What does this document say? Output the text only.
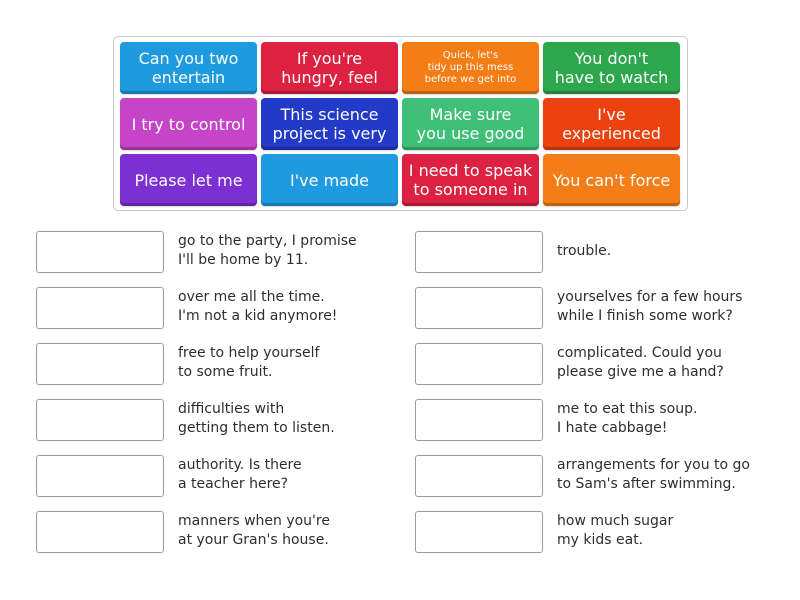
Can you two
entertain
If you're
hungry, feel
Quick, let's
tidy up this mess
before we get into
You don't
have to watch
I try to control	This science
project is very
Make sure
you use good
I've
experienced
Please let me	I've made I need to speak
to someone in You can't force
go to the party, I promise
I'll be home by 11.
over me all the time.
I'm not a kid anymore!
free to help yourself
to some fruit.
difficulties with
getting them to listen.
authority. Is there
a teacher here?
manners when you're
at your Gran's house.
trouble.
yourselves for a few hours
while I finish some work?
complicated. Could you
please give me a hand?
me to eat this soup.
I hate cabbage!
arrangements for you to go
to Sam's after swimming.
how much sugar
my kids eat.
